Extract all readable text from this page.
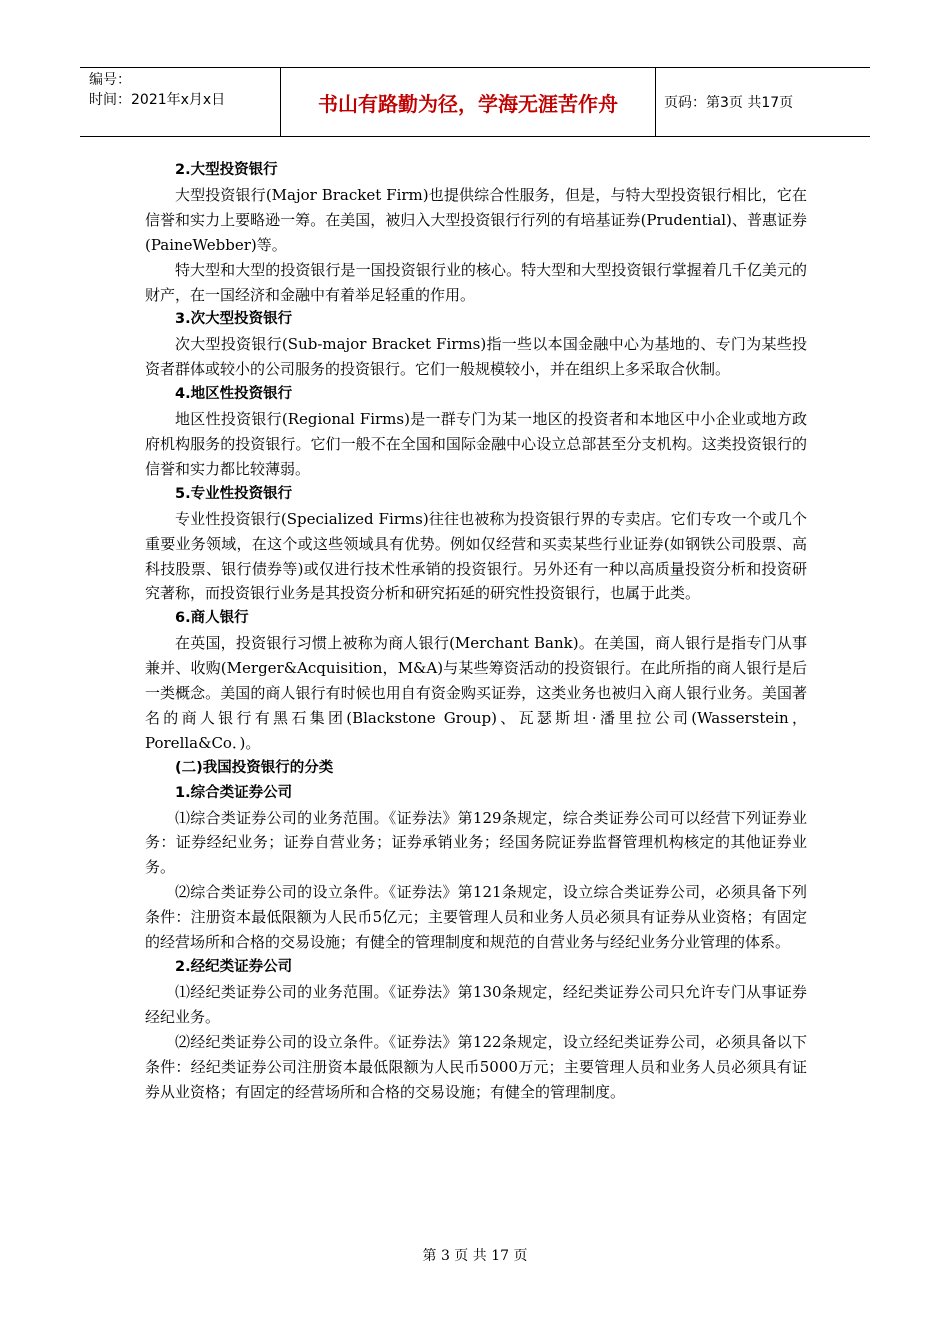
编号：
时间：2021年x月x日	书山有路勤为径，学海无涯苦作舟	页码：第3页 共17页

2.大型投资银行

大型投资银行(Major Bracket Firm)也提供综合性服务，但是，与特大型投资银行相比，它在信誉和实力上要略逊一筹。在美国，被归入大型投资银行行列的有培基证券(Prudential)、普惠证券(PaineWebber)等。

特大型和大型的投资银行是一国投资银行业的核心。特大型和大型投资银行掌握着几千亿美元的财产，在一国经济和金融中有着举足轻重的作用。

3.次大型投资银行

次大型投资银行(Sub-major Bracket Firms)指一些以本国金融中心为基地的、专门为某些投资者群体或较小的公司服务的投资银行。它们一般规模较小，并在组织上多采取合伙制。

4.地区性投资银行

地区性投资银行(Regional Firms)是一群专门为某一地区的投资者和本地区中小企业或地方政府机构服务的投资银行。它们一般不在全国和国际金融中心设立总部甚至分支机构。这类投资银行的信誉和实力都比较薄弱。

5.专业性投资银行

专业性投资银行(Specialized Firms)往往也被称为投资银行界的专卖店。它们专攻一个或几个重要业务领域，在这个或这些领域具有优势。例如仅经营和买卖某些行业证券(如钢铁公司股票、高科技股票、银行债券等)或仅进行技术性承销的投资银行。另外还有一种以高质量投资分析和投资研究著称，而投资银行业务是其投资分析和研究拓延的研究性投资银行，也属于此类。

6.商人银行

在英国，投资银行习惯上被称为商人银行(Merchant Bank)。在美国，商人银行是指专门从事兼并、收购(Merger&Acquisition，M&A)与某些筹资活动的投资银行。在此所指的商人银行是后一类概念。美国的商人银行有时候也用自有资金购买证券，这类业务也被归入商人银行业务。美国著名的商人银行有黑石集团(Blackstone Group)、瓦瑟斯坦·潘里拉公司(Wasserstein，Porella&Co．)。

(二)我国投资银行的分类

1.综合类证券公司

⑴综合类证券公司的业务范围。《证券法》第129条规定，综合类证券公司可以经营下列证券业务：证券经纪业务；证券自营业务；证券承销业务；经国务院证券监督管理机构核定的其他证券业务。

⑵综合类证券公司的设立条件。《证券法》第121条规定，设立综合类证券公司，必须具备下列条件：注册资本最低限额为人民币5亿元；主要管理人员和业务人员必须具有证券从业资格；有固定的经营场所和合格的交易设施；有健全的管理制度和规范的自营业务与经纪业务分业管理的体系。

2.经纪类证券公司

⑴经纪类证券公司的业务范围。《证券法》第130条规定，经纪类证券公司只允许专门从事证券经纪业务。

⑵经纪类证券公司的设立条件。《证券法》第122条规定，设立经纪类证券公司，必须具备以下条件：经纪类证券公司注册资本最低限额为人民币5000万元；主要管理人员和业务人员必须具有证券从业资格；有固定的经营场所和合格的交易设施；有健全的管理制度。

第 3 页 共 17 页
